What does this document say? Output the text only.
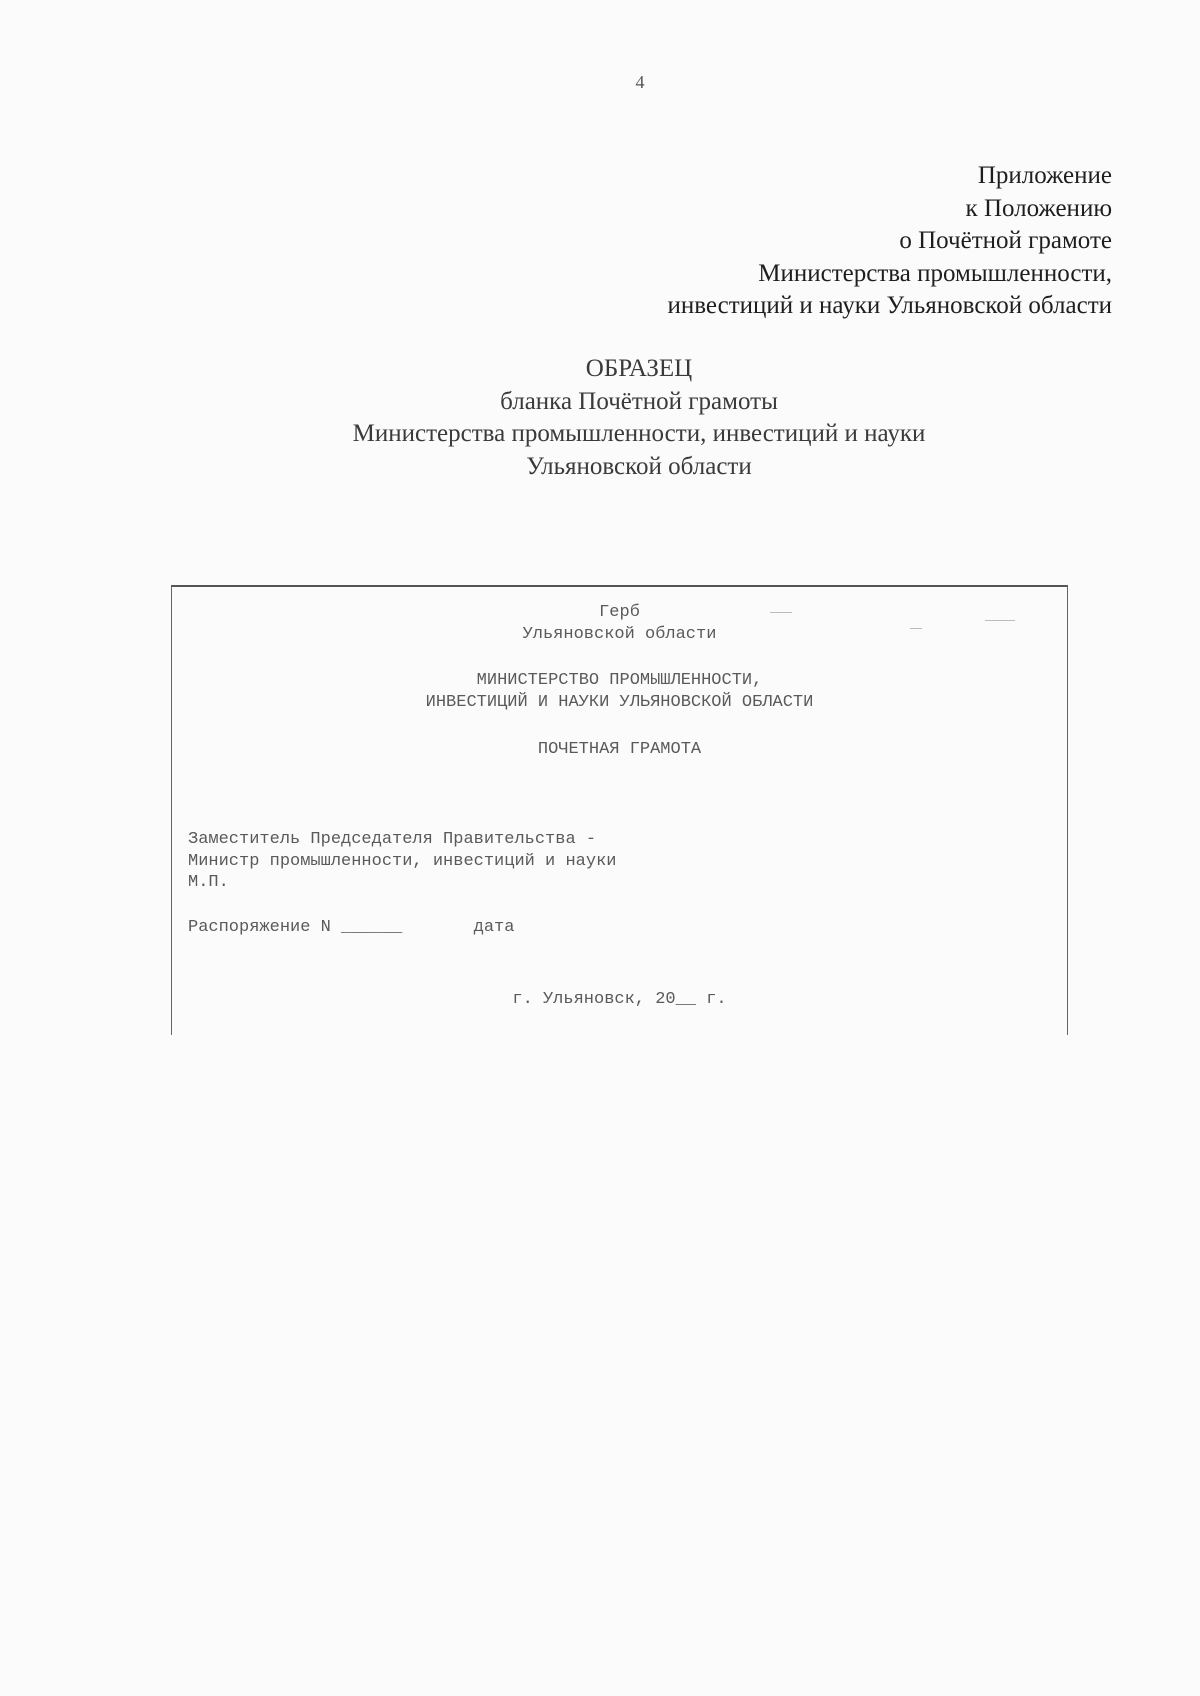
4
Приложение
к Положению
о Почётной грамоте
Министерства промышленности,
инвестиций и науки Ульяновской области
ОБРАЗЕЦ
бланка Почётной грамоты
Министерства промышленности, инвестиций и науки
Ульяновской области
Герб
Ульяновской области
МИНИСТЕРСТВО ПРОМЫШЛЕННОСТИ,
ИНВЕСТИЦИЙ И НАУКИ УЛЬЯНОВСКОЙ ОБЛАСТИ
ПОЧЕТНАЯ ГРАМОТА
Заместитель Председателя Правительства -
Министр промышленности, инвестиций и науки
М.П.
Распоряжение N ______       дата
г. Ульяновск, 20__ г.
